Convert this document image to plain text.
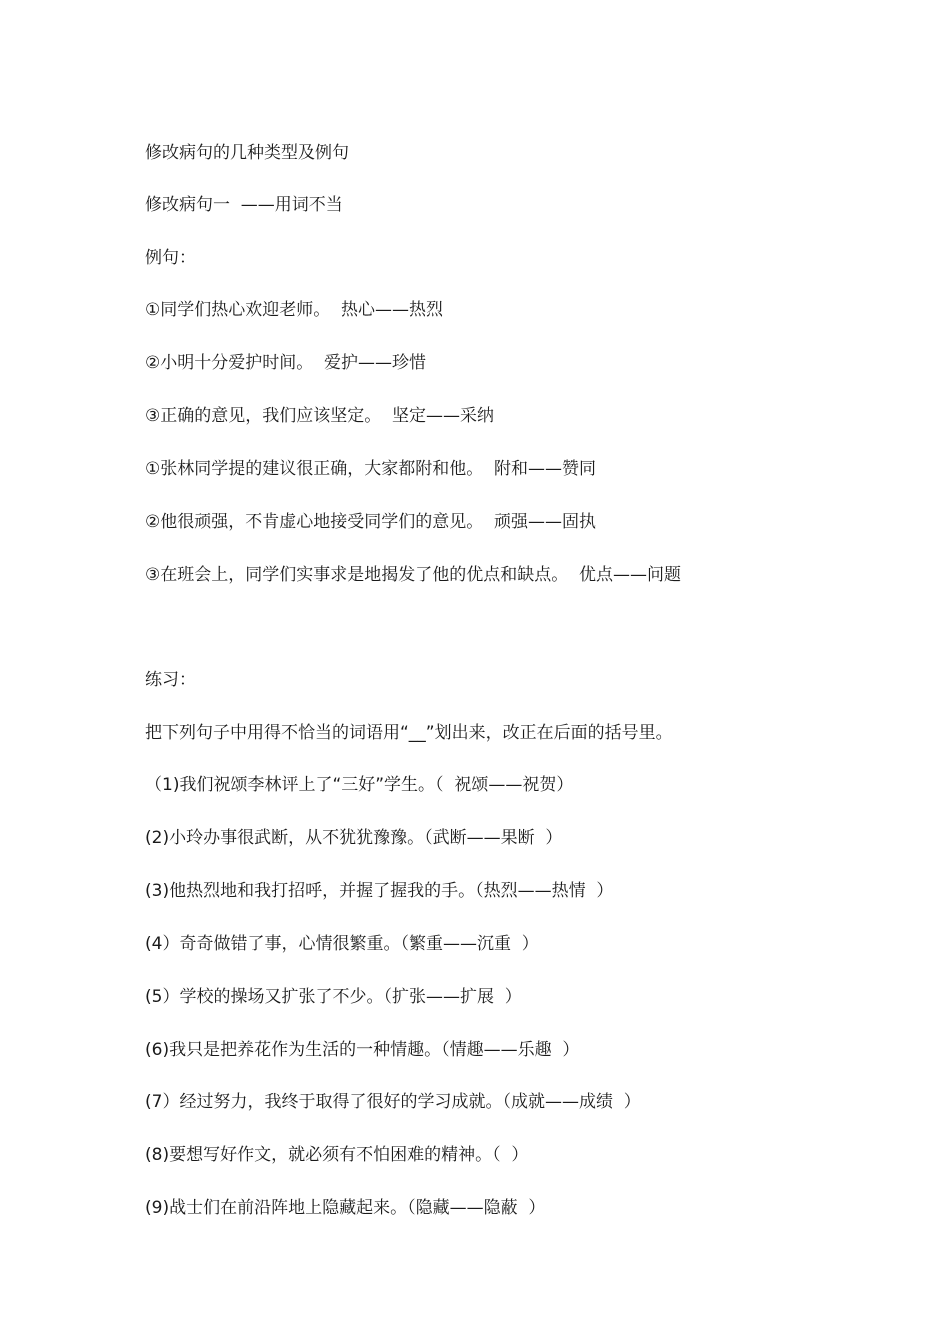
修改病句的几种类型及例句
修改病句一  ——用词不当
例句：
①同学们热心欢迎老师。  热心——热烈
②小明十分爱护时间。  爱护——珍惜
③正确的意见，我们应该坚定。  坚定——采纳
①张林同学提的建议很正确，大家都附和他。  附和——赞同
②他很顽强，不肯虚心地接受同学们的意见。  顽强——固执
③在班会上，同学们实事求是地揭发了他的优点和缺点。  优点——问题
练习：
把下列句子中用得不恰当的词语用“__”划出来，改正在后面的括号里。
（1)我们祝颂李林评上了“三好”学生。（  祝颂——祝贺）
(2)小玲办事很武断，从不犹犹豫豫。（武断——果断  ）
(3)他热烈地和我打招呼，并握了握我的手。（热烈——热情  ）
(4）奇奇做错了事，心情很繁重。（繁重——沉重  ）
(5）学校的操场又扩张了不少。（扩张——扩展  ）
(6)我只是把养花作为生活的一种情趣。（情趣——乐趣  ）
(7）经过努力，我终于取得了很好的学习成就。（成就——成绩  ）
(8)要想写好作文，就必须有不怕困难的精神。（  ）
(9)战士们在前沿阵地上隐藏起来。（隐藏——隐蔽  ）
